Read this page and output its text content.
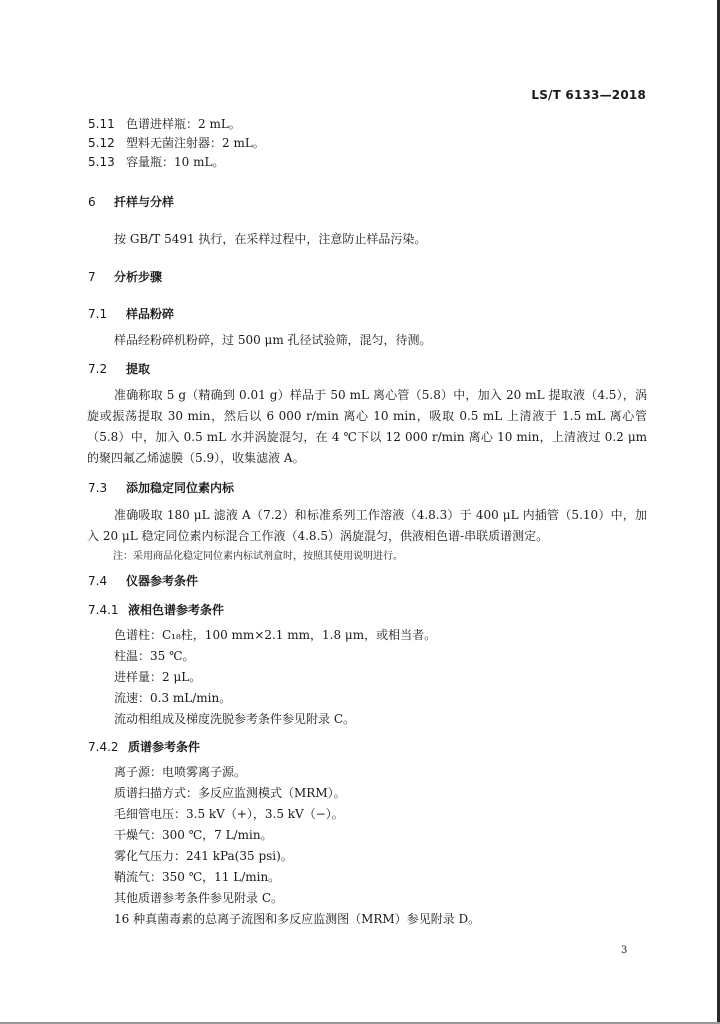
LS/T 6133—2018
5.11 色谱进样瓶：2 mL。
5.12 塑料无菌注射器：2 mL。
5.13 容量瓶：10 mL。
6 扦样与分样
按 GB/T 5491 执行，在采样过程中，注意防止样品污染。
7 分析步骤
7.1 样品粉碎
样品经粉碎机粉碎，过 500 μm 孔径试验筛，混匀，待测。
7.2 提取
准确称取 5 g（精确到 0.01 g）样品于 50 mL 离心管（5.8）中，加入 20 mL 提取液（4.5），涡旋或振荡提取 30 min，然后以 6 000 r/min 离心 10 min，吸取 0.5 mL 上清液于 1.5 mL 离心管（5.8）中，加入 0.5 mL 水并涡旋混匀，在 4 ℃下以 12 000 r/min 离心 10 min，上清液过 0.2 μm 的聚四氟乙烯滤膜（5.9），收集滤液 A。
7.3 添加稳定同位素内标
准确吸取 180 μL 滤液 A（7.2）和标准系列工作溶液（4.8.3）于 400 μL 内插管（5.10）中，加入 20 μL 稳定同位素内标混合工作液（4.8.5）涡旋混匀，供液相色谱-串联质谱测定。
注：采用商品化稳定同位素内标试剂盒时，按照其使用说明进行。
7.4 仪器参考条件
7.4.1 液相色谱参考条件
色谱柱：C₁₈柱，100 mm×2.1 mm，1.8 μm，或相当者。
柱温：35 ℃。
进样量：2 μL。
流速：0.3 mL/min。
流动相组成及梯度洗脱参考条件参见附录 C。
7.4.2 质谱参考条件
离子源：电喷雾离子源。
质谱扫描方式：多反应监测模式（MRM）。
毛细管电压：3.5 kV（+），3.5 kV（−）。
干燥气：300 ℃，7 L/min。
雾化气压力：241 kPa(35 psi)。
鞘流气：350 ℃，11 L/min。
其他质谱参考条件参见附录 C。
16 种真菌毒素的总离子流图和多反应监测图（MRM）参见附录 D。
3
